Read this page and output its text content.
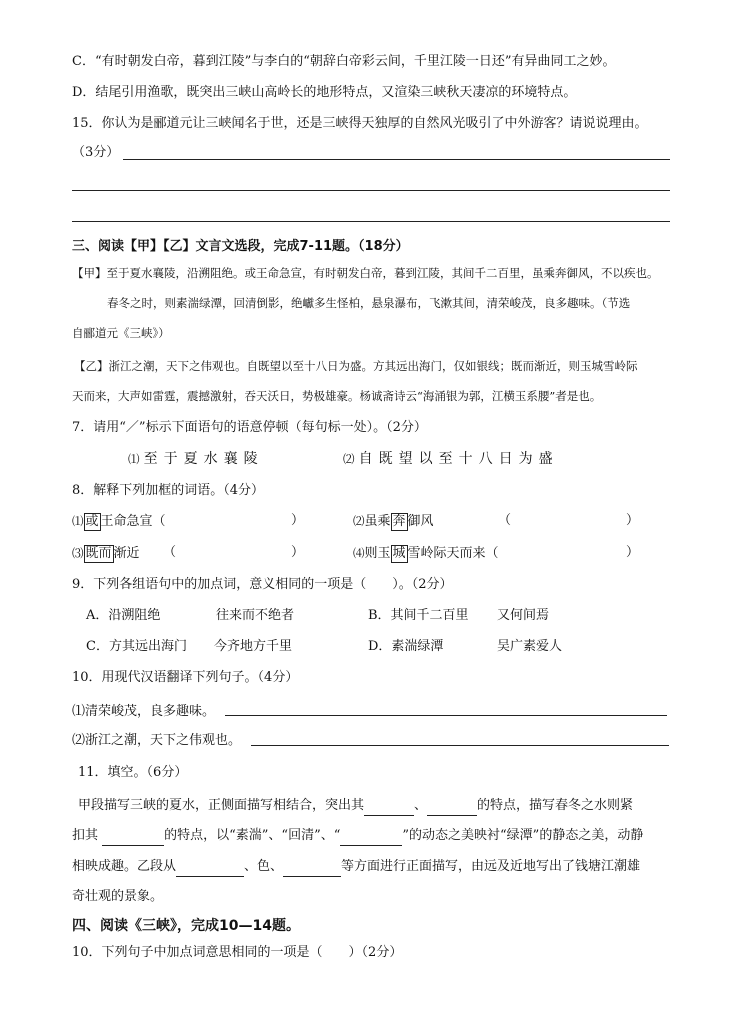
C．“有时朝发白帝，暮到江陵”与李白的“朝辞白帝彩云间，千里江陵一日还”有异曲同工之妙。
D．结尾引用渔歌，既突出三峡山高岭长的地形特点，又渲染三峡秋天凄凉的环境特点。
15．你认为是郦道元让三峡闻名于世，还是三峡得天独厚的自然风光吸引了中外游客？请说说理由。
（3分）
三、阅读【甲】【乙】文言文选段，完成7-11题。（18分）
【甲】至于夏水襄陵，沿溯阻绝。或王命急宣，有时朝发白帝，暮到江陵，其间千二百里，虽乘奔御风，不以疾也。
春冬之时，则素湍绿潭，回清倒影，绝巘多生怪柏，悬泉瀑布，飞漱其间，清荣峻茂，良多趣味。（节选
自郦道元《三峡》）
【乙】浙江之潮，天下之伟观也。自既望以至十八日为盛。方其远出海门，仅如银线；既而渐近，则玉城雪岭际
天而来，大声如雷霆，震撼激射，吞天沃日，势极雄豪。杨诚斋诗云“海涌银为郭，江横玉系腰”者是也。
7．请用“／”标示下面语句的语意停顿（每句标一处）。（2分）
⑴ 至于夏水襄陵	⑵ 自既望以至十八日为盛
8．解释下列加框的词语。（4分）
⑴ 或 王命急宣（	）	⑵虽乘 奔 御风	（	）
⑶ 既而 渐近	（	）	⑷则玉 城 雪岭际天而来（	）
9．下列各组语句中的加点词，意义相同的一项是（　　）。（2分）
A．沿溯阻绝	往来而不绝者	B．其间千二百里	又何间焉
C．方其远出海门	今齐地方千里	D．素湍绿潭	吴广素爱人
10．用现代汉语翻译下列句子。（4分）
⑴清荣峻茂，良多趣味。
⑵浙江之潮，天下之伟观也。
11．填空。（6分）
甲段描写三峡的夏水，正侧面描写相结合，突出其	、	的特点，描写春冬之水则紧
扣其	的特点，以“素湍”、“回清”、“	”的动态之美映衬“绿潭”的静态之美，动静
相映成趣。乙段从	、色、	等方面进行正面描写，由远及近地写出了钱塘江潮雄
奇壮观的景象。
四、阅读《三峡》，完成10—14题。
10．下列句子中加点词意思相同的一项是（　　）（2分）
